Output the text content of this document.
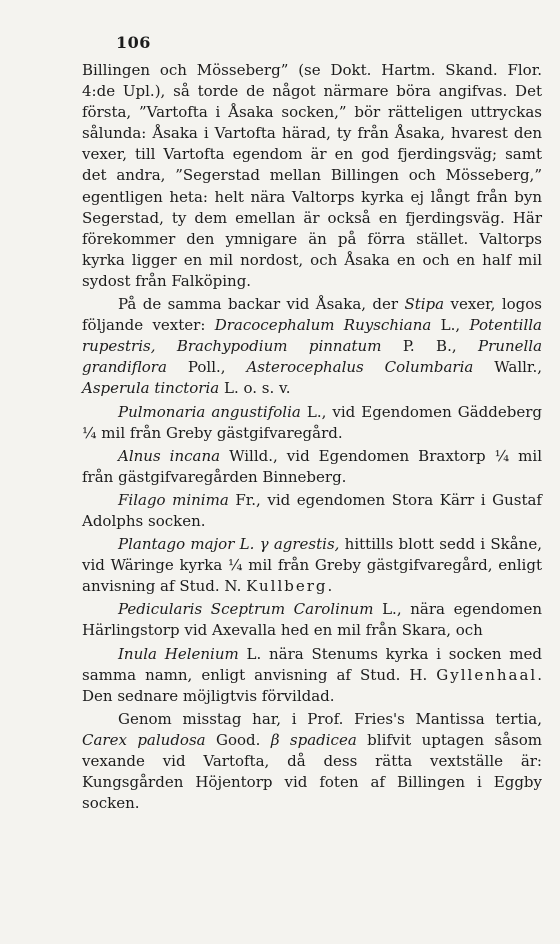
106

Billingen och Mösseberg” (se Dokt. Hartm. Skand. Flor. 4:de Upl.), så torde de något närmare böra angifvas. Det första, ”Vartofta i Åsaka socken,” bör rätteligen uttryckas sålunda: Åsaka i Vartofta härad, ty från Åsaka, hvarest den vexer, till Vartofta egendom är en god fjerdingsväg; samt det andra, ”Segerstad mellan Billingen och Mösseberg,” egentligen heta: helt nära Valtorps kyrka ej långt från byn Segerstad, ty dem emellan är också en fjerdingsväg. Här förekommer den ymnigare än på förra stället. Valtorps kyrka ligger en mil nordost, och Åsaka en och en half mil sydost från Falköping.

På de samma backar vid Åsaka, der Stipa vexer, logos följande vexter: Dracocephalum Ruyschiana L., Potentilla rupestris, Brachypodium pinnatum P. B., Prunella grandiflora Poll., Asterocephalus Columbaria Wallr., Asperula tinctoria L. o. s. v.

Pulmonaria angustifolia L., vid Egendomen Gäddeberg ¼ mil från Greby gästgifvaregård.

Alnus incana Willd., vid Egendomen Braxtorp ¼ mil från gästgifvaregården Binneberg.

Filago minima Fr., vid egendomen Stora Kärr i Gustaf Adolphs socken.

Plantago major L. γ agrestis, hittills blott sedd i Skåne, vid Wäringe kyrka ¼ mil från Greby gästgifvaregård, enligt anvisning af Stud. N. Kullberg.

Pedicularis Sceptrum Carolinum L., nära egendomen Härlingstorp vid Axevalla hed en mil från Skara, och

Inula Helenium L. nära Stenums kyrka i socken med samma namn, enligt anvisning af Stud. H. Gyllenhaal. Den sednare möjligtvis förvildad.

Genom misstag har, i Prof. Fries's Mantissa tertia, Carex paludosa Good. β spadicea blifvit uptagen såsom vexande vid Vartofta, då dess rätta vextställe är: Kungsgården Höjentorp vid foten af Billingen i Eggby socken.
